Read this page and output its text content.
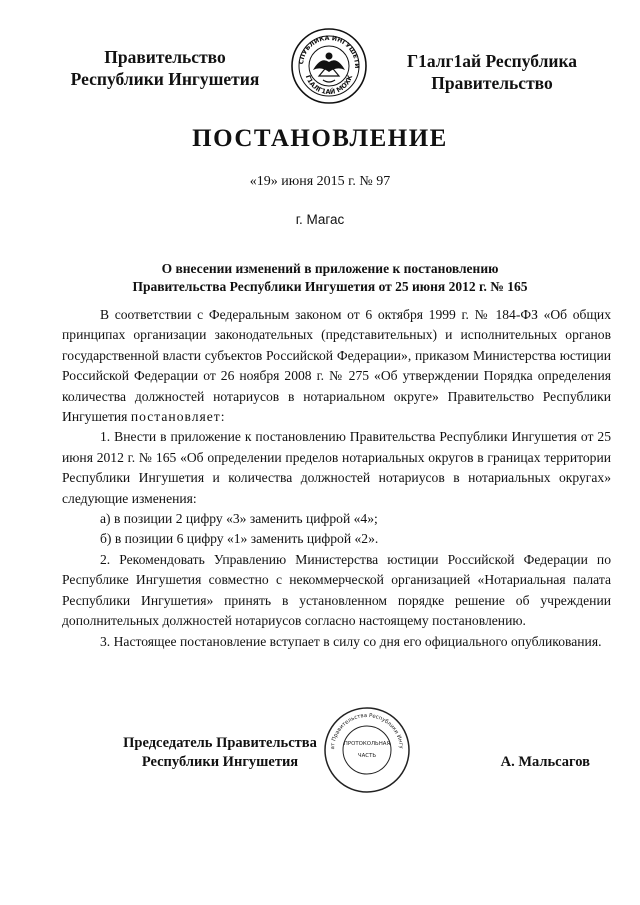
Правительство
Республики Ингушетия
СПУБЛИКА ИНГУШЕТИ
Г1АЛГ1АЙ МОХК
Г1алг1ай Республика
Правительство
ПОСТАНОВЛЕНИЕ
«19» июня 2015 г. № 97
г. Магас
О внесении изменений в приложение к постановлению
Правительства Республики Ингушетия от 25 июня 2012 г. № 165

В соответствии с Федеральным законом от 6 октября 1999 г. № 184-ФЗ «Об общих принципах организации законодательных (представительных) и исполнительных органов государственной власти субъектов Российской Федерации», приказом Министерства юстиции Российской Федерации от 26 ноября 2008 г. № 275 «Об утверждении Порядка определения количества должностей нотариусов в нотариальном округе» Правительство Республики Ингушетия постановляет:

1. Внести в приложение к постановлению Правительства Республики Ингушетия от 25 июня 2012 г. № 165 «Об определении пределов нотариальных округов в границах территории Республики Ингушетия и количества должностей нотариусов в нотариальных округах» следующие изменения:

а) в позиции 2 цифру «3» заменить цифрой «4»;

б) в позиции 6 цифру «1» заменить цифрой «2».

2. Рекомендовать Управлению Министерства юстиции Российской Федерации по Республике Ингушетия совместно с некоммерческой организацией «Нотариальная палата Республики Ингушетия» принять в установленном порядке решение об учреждении дополнительных должностей нотариусов согласно настоящему постановлению.

3. Настоящее постановление вступает в силу со дня его официального опубликования.

Председатель Правительства
Республики Ингушетия
ат Правительства Республики Ингу
ПРОТОКОЛЬНАЯ
ЧАСТЬ	А. Мальсагов
